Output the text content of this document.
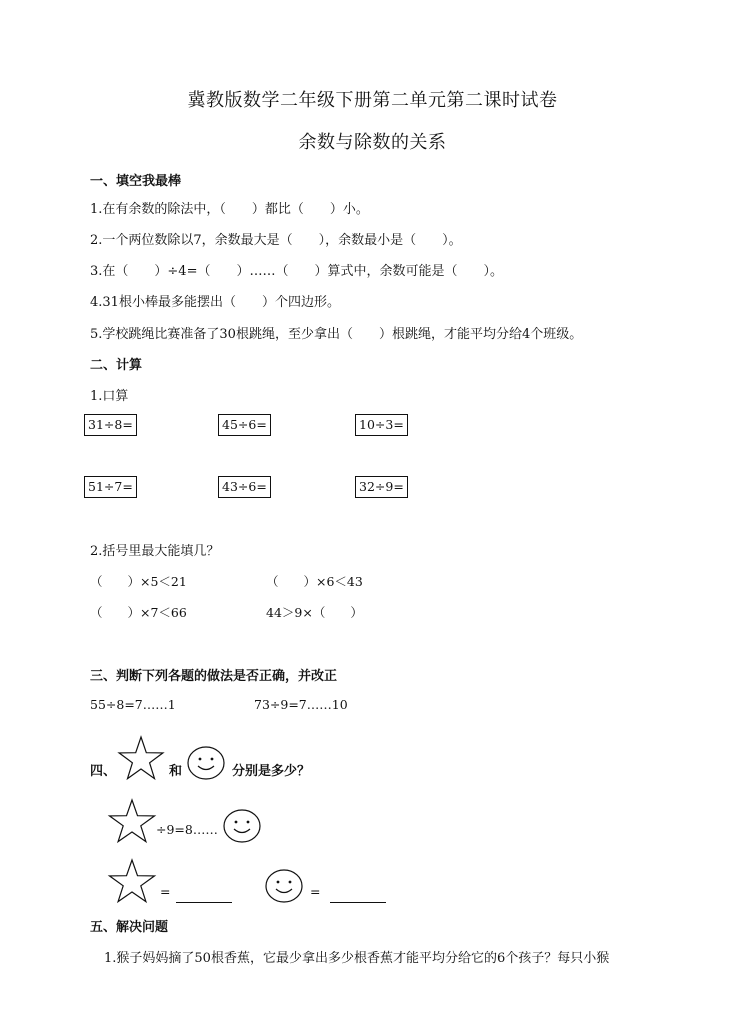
冀教版数学二年级下册第二单元第二课时试卷
余数与除数的关系
一、填空我最棒
1.在有余数的除法中，（　　）都比（　　）小。
2.一个两位数除以7，余数最大是（　　），余数最小是（　　）。
3.在（　　）÷4=（　　）……（　　）算式中，余数可能是（　　）。
4.31根小棒最多能摆出（　　）个四边形。
5.学校跳绳比赛准备了30根跳绳，至少拿出（　　）根跳绳，才能平均分给4个班级。
二、计算
1.口算
31÷8=	45÷6=	10÷3=
51÷7=	43÷6=	32÷9=
2.括号里最大能填几？
（　　）×5＜21	（　　）×6＜43
（　　）×7＜66	44＞9×（　　）
三、判断下列各题的做法是否正确，并改正
55÷8=7……1	73÷9=7……10
四、	和	分别是多少？
÷9=8……
=	=
五、解决问题
1.猴子妈妈摘了50根香蕉，它最少拿出多少根香蕉才能平均分给它的6个孩子？每只小猴
